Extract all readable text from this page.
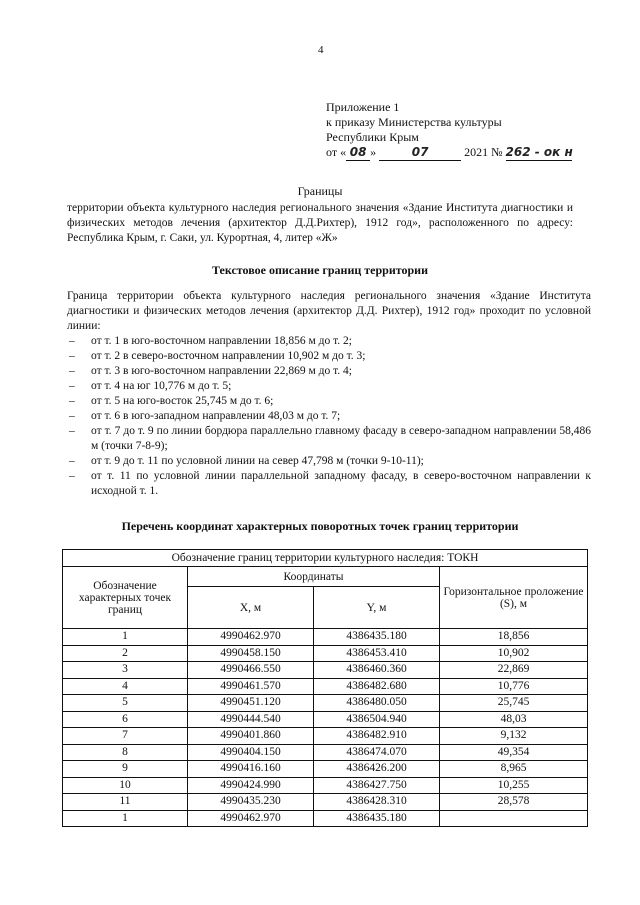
4
Приложение 1
к приказу Министерства культуры
Республики Крым
от « 08 »	07	2021 № 262 - ок н
Границы
территории объекта культурного наследия регионального значения «Здание Института диагностики и физических методов лечения (архитектор Д.Д.Рихтер), 1912 год», расположенного по адресу: Республика Крым, г. Саки, ул. Курортная, 4, литер «Ж»
Текстовое описание границ территории

Граница территории объекта культурного наследия регионального значения «Здание Института диагностики и физических методов лечения (архитектор Д.Д. Рихтер), 1912 год» проходит по условной линии:

– от т. 1 в юго-восточном направлении 18,856 м до т. 2;
– от т. 2 в северо-восточном направлении 10,902 м до т. 3;
– от т. 3 в юго-восточном направлении 22,869 м до т. 4;
– от т. 4 на юг 10,776 м до т. 5;
– от т. 5 на юго-восток 25,745 м до т. 6;
– от т. 6 в юго-западном направлении 48,03 м до т. 7;
– от т. 7 до т. 9 по линии бордюра параллельно главному фасаду в северо-западном направлении 58,486 м (точки 7-8-9);
– от т. 9 до т. 11 по условной линии на север 47,798 м (точки 9-10-11);
– от т. 11 по условной линии параллельной западному фасаду, в северо-восточном направлении к исходной т. 1.
Перечень координат характерных поворотных точек границ территории
Обозначение границ территории культурного наследия: ТОКН			
Обозначение характерных точек границ	Координаты		Горизонтальное проложение (S), м
	X, м	Y, м	
1	4990462.970	4386435.180	18,856
2	4990458.150	4386453.410	10,902
3	4990466.550	4386460.360	22,869
4	4990461.570	4386482.680	10,776
5	4990451.120	4386480.050	25,745
6	4990444.540	4386504.940	48,03
7	4990401.860	4386482.910	9,132
8	4990404.150	4386474.070	49,354
9	4990416.160	4386426.200	8,965
10	4990424.990	4386427.750	10,255
11	4990435.230	4386428.310	28,578
1	4990462.970	4386435.180	
